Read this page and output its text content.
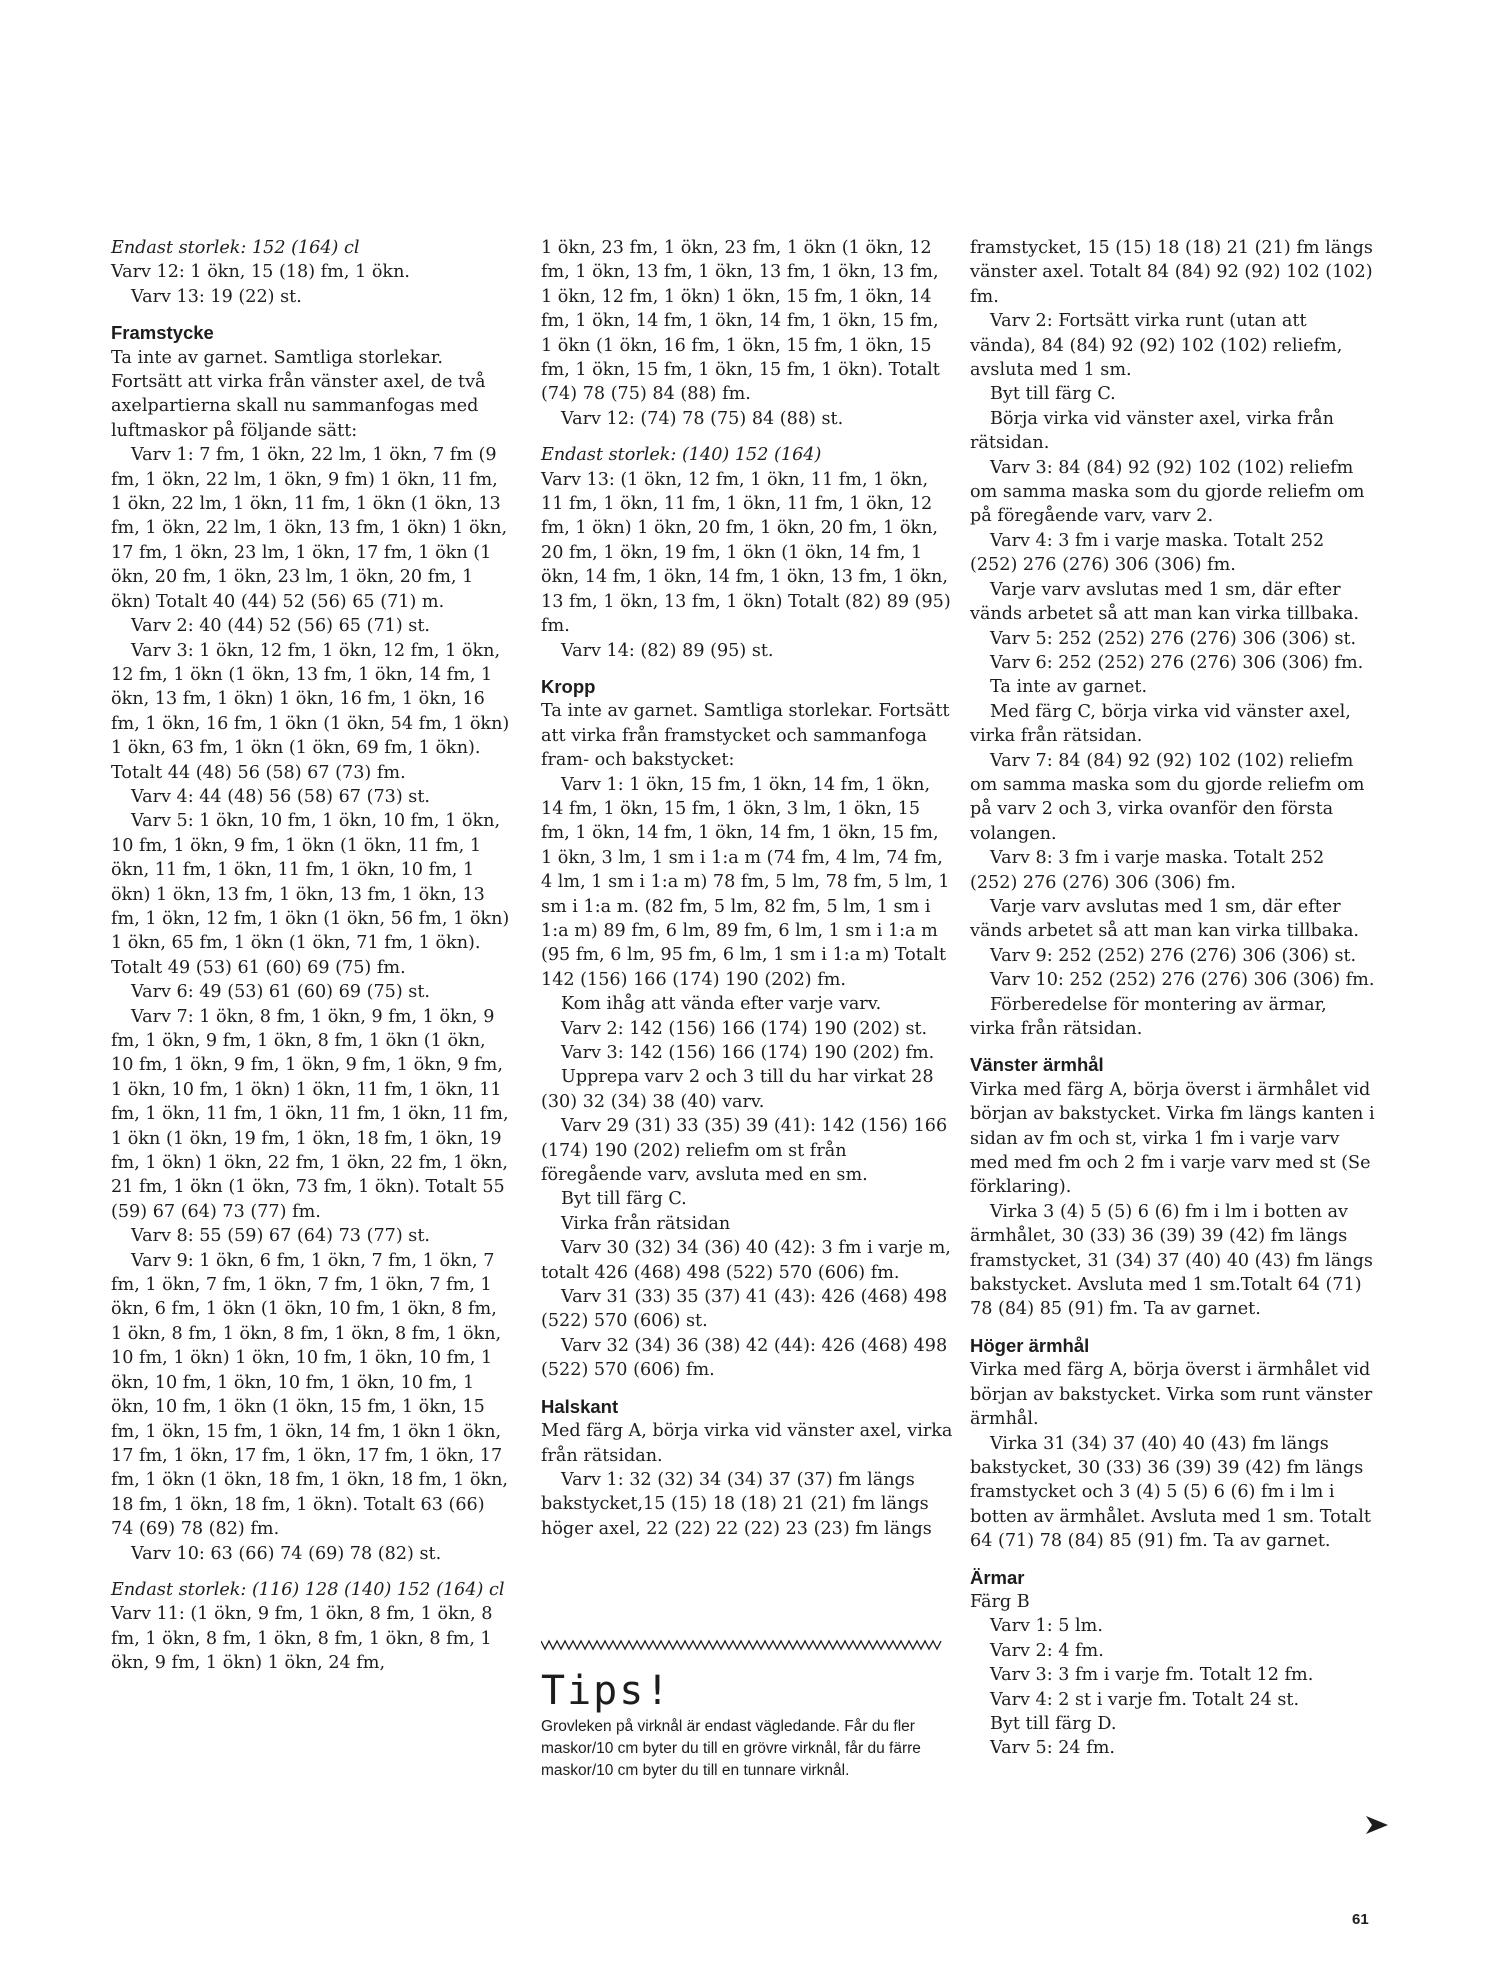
Endast storlek: 152 (164) cl

Varv 12: 1 ökn, 15 (18) fm, 1 ökn.

Varv 13: 19 (22) st.

Framstycke

Ta inte av garnet. Samtliga storlekar. Fortsätt att virka från vänster axel, de två axelpartierna skall nu sammanfogas med luftmaskor på följande sätt:

Varv 1: 7 fm, 1 ökn, 22 lm, 1 ökn, 7 fm (9 fm, 1 ökn, 22 lm, 1 ökn, 9 fm) 1 ökn, 11 fm, 1 ökn, 22 lm, 1 ökn, 11 fm, 1 ökn (1 ökn, 13 fm, 1 ökn, 22 lm, 1 ökn, 13 fm, 1 ökn) 1 ökn, 17 fm, 1 ökn, 23 lm, 1 ökn, 17 fm, 1 ökn (1 ökn, 20 fm, 1 ökn, 23 lm, 1 ökn, 20 fm, 1 ökn) Totalt 40 (44) 52 (56) 65 (71) m.

Varv 2: 40 (44) 52 (56) 65 (71) st.

Varv 3: 1 ökn, 12 fm, 1 ökn, 12 fm, 1 ökn, 12 fm, 1 ökn (1 ökn, 13 fm, 1 ökn, 14 fm, 1 ökn, 13 fm, 1 ökn) 1 ökn, 16 fm, 1 ökn, 16 fm, 1 ökn, 16 fm, 1 ökn (1 ökn, 54 fm, 1 ökn) 1 ökn, 63 fm, 1 ökn (1 ökn, 69 fm, 1 ökn). Totalt 44 (48) 56 (58) 67 (73) fm.

Varv 4: 44 (48) 56 (58) 67 (73) st.

Varv 5: 1 ökn, 10 fm, 1 ökn, 10 fm, 1 ökn, 10 fm, 1 ökn, 9 fm, 1 ökn (1 ökn, 11 fm, 1 ökn, 11 fm, 1 ökn, 11 fm, 1 ökn, 10 fm, 1 ökn) 1 ökn, 13 fm, 1 ökn, 13 fm, 1 ökn, 13 fm, 1 ökn, 12 fm, 1 ökn (1 ökn, 56 fm, 1 ökn) 1 ökn, 65 fm, 1 ökn (1 ökn, 71 fm, 1 ökn). Totalt 49 (53) 61 (60) 69 (75) fm.

Varv 6: 49 (53) 61 (60) 69 (75) st.

Varv 7: 1 ökn, 8 fm, 1 ökn, 9 fm, 1 ökn, 9 fm, 1 ökn, 9 fm, 1 ökn, 8 fm, 1 ökn (1 ökn, 10 fm, 1 ökn, 9 fm, 1 ökn, 9 fm, 1 ökn, 9 fm, 1 ökn, 10 fm, 1 ökn) 1 ökn, 11 fm, 1 ökn, 11 fm, 1 ökn, 11 fm, 1 ökn, 11 fm, 1 ökn, 11 fm, 1 ökn (1 ökn, 19 fm, 1 ökn, 18 fm, 1 ökn, 19 fm, 1 ökn) 1 ökn, 22 fm, 1 ökn, 22 fm, 1 ökn, 21 fm, 1 ökn (1 ökn, 73 fm, 1 ökn). Totalt 55 (59) 67 (64) 73 (77) fm.

Varv 8: 55 (59) 67 (64) 73 (77) st.

Varv 9: 1 ökn, 6 fm, 1 ökn, 7 fm, 1 ökn, 7 fm, 1 ökn, 7 fm, 1 ökn, 7 fm, 1 ökn, 7 fm, 1 ökn, 6 fm, 1 ökn (1 ökn, 10 fm, 1 ökn, 8 fm, 1 ökn, 8 fm, 1 ökn, 8 fm, 1 ökn, 8 fm, 1 ökn, 10 fm, 1 ökn) 1 ökn, 10 fm, 1 ökn, 10 fm, 1 ökn, 10 fm, 1 ökn, 10 fm, 1 ökn, 10 fm, 1 ökn, 10 fm, 1 ökn (1 ökn, 15 fm, 1 ökn, 15 fm, 1 ökn, 15 fm, 1 ökn, 14 fm, 1 ökn 1 ökn, 17 fm, 1 ökn, 17 fm, 1 ökn, 17 fm, 1 ökn, 17 fm, 1 ökn (1 ökn, 18 fm, 1 ökn, 18 fm, 1 ökn, 18 fm, 1 ökn, 18 fm, 1 ökn). Totalt 63 (66) 74 (69) 78 (82) fm.

Varv 10: 63 (66) 74 (69) 78 (82) st.

Endast storlek: (116) 128 (140) 152 (164) cl

Varv 11: (1 ökn, 9 fm, 1 ökn, 8 fm, 1 ökn, 8 fm, 1 ökn, 8 fm, 1 ökn, 8 fm, 1 ökn, 8 fm, 1 ökn, 9 fm, 1 ökn) 1 ökn, 24 fm,

1 ökn, 23 fm, 1 ökn, 23 fm, 1 ökn (1 ökn, 12 fm, 1 ökn, 13 fm, 1 ökn, 13 fm, 1 ökn, 13 fm, 1 ökn, 12 fm, 1 ökn) 1 ökn, 15 fm, 1 ökn, 14 fm, 1 ökn, 14 fm, 1 ökn, 14 fm, 1 ökn, 15 fm, 1 ökn (1 ökn, 16 fm, 1 ökn, 15 fm, 1 ökn, 15 fm, 1 ökn, 15 fm, 1 ökn, 15 fm, 1 ökn). Totalt (74) 78 (75) 84 (88) fm.

Varv 12: (74) 78 (75) 84 (88) st.

Endast storlek: (140) 152 (164)

Varv 13: (1 ökn, 12 fm, 1 ökn, 11 fm, 1 ökn, 11 fm, 1 ökn, 11 fm, 1 ökn, 11 fm, 1 ökn, 12 fm, 1 ökn) 1 ökn, 20 fm, 1 ökn, 20 fm, 1 ökn, 20 fm, 1 ökn, 19 fm, 1 ökn (1 ökn, 14 fm, 1 ökn, 14 fm, 1 ökn, 14 fm, 1 ökn, 13 fm, 1 ökn, 13 fm, 1 ökn, 13 fm, 1 ökn) Totalt (82) 89 (95) fm.

Varv 14: (82) 89 (95) st.

Kropp

Ta inte av garnet. Samtliga storlekar. Fortsätt att virka från framstycket och sammanfoga fram- och bakstycket:

Varv 1: 1 ökn, 15 fm, 1 ökn, 14 fm, 1 ökn, 14 fm, 1 ökn, 15 fm, 1 ökn, 3 lm, 1 ökn, 15 fm, 1 ökn, 14 fm, 1 ökn, 14 fm, 1 ökn, 15 fm, 1 ökn, 3 lm, 1 sm i 1:a m (74 fm, 4 lm, 74 fm, 4 lm, 1 sm i 1:a m) 78 fm, 5 lm, 78 fm, 5 lm, 1 sm i 1:a m. (82 fm, 5 lm, 82 fm, 5 lm, 1 sm i 1:a m) 89 fm, 6 lm, 89 fm, 6 lm, 1 sm i 1:a m (95 fm, 6 lm, 95 fm, 6 lm, 1 sm i 1:a m) Totalt 142 (156) 166 (174) 190 (202) fm.

Kom ihåg att vända efter varje varv.

Varv 2: 142 (156) 166 (174) 190 (202) st.

Varv 3: 142 (156) 166 (174) 190 (202) fm.

Upprepa varv 2 och 3 till du har virkat 28 (30) 32 (34) 38 (40) varv.

Varv 29 (31) 33 (35) 39 (41): 142 (156) 166 (174) 190 (202) reliefm om st från föregående varv, avsluta med en sm.

Byt till färg C.

Virka från rätsidan

Varv 30 (32) 34 (36) 40 (42): 3 fm i varje m, totalt 426 (468) 498 (522) 570 (606) fm.

Varv 31 (33) 35 (37) 41 (43): 426 (468) 498 (522) 570 (606) st.

Varv 32 (34) 36 (38) 42 (44): 426 (468) 498 (522) 570 (606) fm.

Halskant

Med färg A, börja virka vid vänster axel, virka från rätsidan.

Varv 1: 32 (32) 34 (34) 37 (37) fm längs bakstycket,15 (15) 18 (18) 21 (21) fm längs höger axel, 22 (22) 22 (22) 23 (23) fm längs

framstycket, 15 (15) 18 (18) 21 (21) fm längs vänster axel. Totalt 84 (84) 92 (92) 102 (102) fm.

Varv 2: Fortsätt virka runt (utan att vända), 84 (84) 92 (92) 102 (102) reliefm, avsluta med 1 sm.

Byt till färg C.

Börja virka vid vänster axel, virka från rätsidan.

Varv 3: 84 (84) 92 (92) 102 (102) reliefm om samma maska som du gjorde reliefm om på föregående varv, varv 2.

Varv 4: 3 fm i varje maska. Totalt 252 (252) 276 (276) 306 (306) fm.

Varje varv avslutas med 1 sm, där efter vänds arbetet så att man kan virka tillbaka.

Varv 5: 252 (252) 276 (276) 306 (306) st.

Varv 6: 252 (252) 276 (276) 306 (306) fm.

Ta inte av garnet.

Med färg C, börja virka vid vänster axel, virka från rätsidan.

Varv 7: 84 (84) 92 (92) 102 (102) reliefm om samma maska som du gjorde reliefm om på varv 2 och 3, virka ovanför den första volangen.

Varv 8: 3 fm i varje maska. Totalt 252 (252) 276 (276) 306 (306) fm.

Varje varv avslutas med 1 sm, där efter vänds arbetet så att man kan virka tillbaka.

Varv 9: 252 (252) 276 (276) 306 (306) st.

Varv 10: 252 (252) 276 (276) 306 (306) fm.

Förberedelse för montering av ärmar, virka från rätsidan.

Vänster ärmhål

Virka med färg A, börja överst i ärmhålet vid början av bakstycket. Virka fm längs kanten i sidan av fm och st, virka 1 fm i varje varv med med fm och 2 fm i varje varv med st (Se förklaring).

Virka 3 (4) 5 (5) 6 (6) fm i lm i botten av ärmhålet, 30 (33) 36 (39) 39 (42) fm längs framstycket, 31 (34) 37 (40) 40 (43) fm längs bakstycket. Avsluta med 1 sm.Totalt 64 (71) 78 (84) 85 (91) fm. Ta av garnet.

Höger ärmhål

Virka med färg A, börja överst i ärmhålet vid början av bakstycket. Virka som runt vänster ärmhål.

Virka 31 (34) 37 (40) 40 (43) fm längs bakstycket, 30 (33) 36 (39) 39 (42) fm längs framstycket och 3 (4) 5 (5) 6 (6) fm i lm i botten av ärmhålet. Avsluta med 1 sm. Totalt 64 (71) 78 (84) 85 (91) fm. Ta av garnet.

Ärmar

Färg B

Varv 1: 5 lm.

Varv 2: 4 fm.

Varv 3: 3 fm i varje fm. Totalt 12 fm.

Varv 4: 2 st i varje fm. Totalt 24 st.

Byt till färg D.

Varv 5: 24 fm.

Tips!

Grovleken på virknål är endast vägledande. Får du fler maskor/10 cm byter du till en grövre virknål, får du färre maskor/10 cm byter du till en tunnare virknål.

61
